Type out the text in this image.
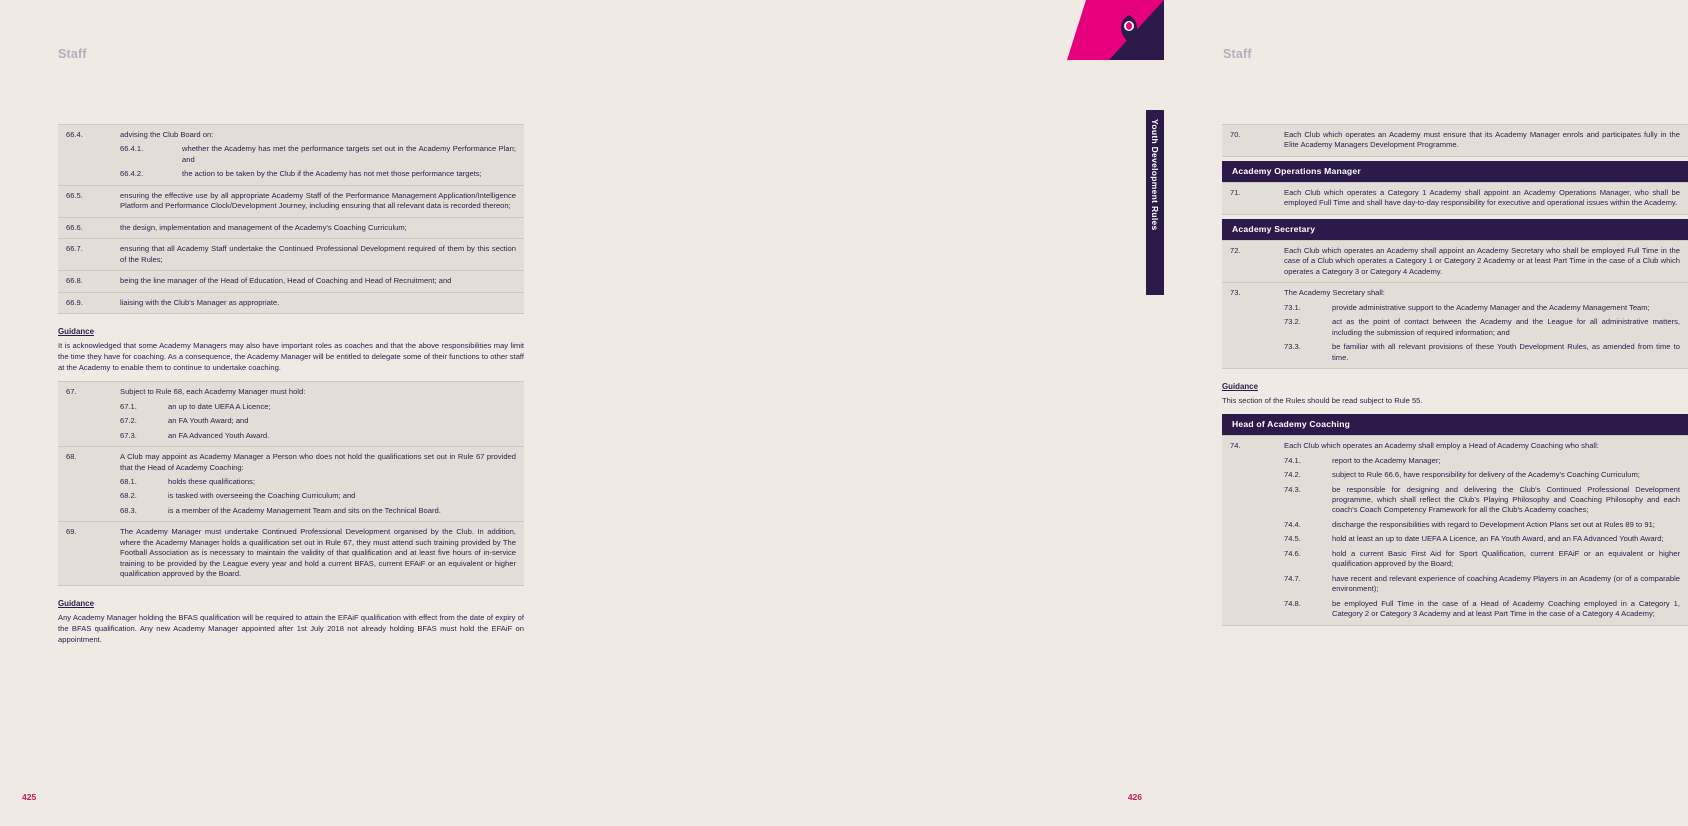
Staff
66.4.	advising the Club Board on:
66.4.1.	whether the Academy has met the performance targets set out in the Academy Performance Plan; and
66.4.2.	the action to be taken by the Club if the Academy has not met those performance targets;
66.5.	ensuring the effective use by all appropriate Academy Staff of the Performance Management Application/Intelligence Platform and Performance Clock/Development Journey, including ensuring that all relevant data is recorded thereon;
66.6.	the design, implementation and management of the Academy's Coaching Curriculum;
66.7.	ensuring that all Academy Staff undertake the Continued Professional Development required of them by this section of the Rules;
66.8.	being the line manager of the Head of Education, Head of Coaching and Head of Recruitment; and
66.9.	liaising with the Club's Manager as appropriate.
Guidance
It is acknowledged that some Academy Managers may also have important roles as coaches and that the above responsibilities may limit the time they have for coaching. As a consequence, the Academy Manager will be entitled to delegate some of their functions to other staff at the Academy to enable them to continue to undertake coaching.
67.	Subject to Rule 68, each Academy Manager must hold:
67.1.	an up to date UEFA A Licence;
67.2.	an FA Youth Award; and
67.3.	an FA Advanced Youth Award.
68.	A Club may appoint as Academy Manager a Person who does not hold the qualifications set out in Rule 67 provided that the Head of Academy Coaching:
68.1.	holds these qualifications;
68.2.	is tasked with overseeing the Coaching Curriculum; and
68.3.	is a member of the Academy Management Team and sits on the Technical Board.
69.	The Academy Manager must undertake Continued Professional Development organised by the Club. In addition, where the Academy Manager holds a qualification set out in Rule 67, they must attend such training provided by The Football Association as is necessary to maintain the validity of that qualification and at least five hours of in-service training to be provided by the League every year and hold a current BFAS, current EFAiF or an equivalent or higher qualification approved by the Board.
Guidance
Any Academy Manager holding the BFAS qualification will be required to attain the EFAiF qualification with effect from the date of expiry of the BFAS qualification. Any new Academy Manager appointed after 1st July 2018 not already holding BFAS must hold the EFAiF on appointment.
425
Staff
70.	Each Club which operates an Academy must ensure that its Academy Manager enrols and participates fully in the Elite Academy Managers Development Programme.
Academy Operations Manager
71.	Each Club which operates a Category 1 Academy shall appoint an Academy Operations Manager, who shall be employed Full Time and shall have day-to-day responsibility for executive and operational issues within the Academy.
Academy Secretary
72.	Each Club which operates an Academy shall appoint an Academy Secretary who shall be employed Full Time in the case of a Club which operates a Category 1 or Category 2 Academy or at least Part Time in the case of a Club which operates a Category 3 or Category 4 Academy.
73.	The Academy Secretary shall:
73.1.	provide administrative support to the Academy Manager and the Academy Management Team;
73.2.	act as the point of contact between the Academy and the League for all administrative matters, including the submission of required information; and
73.3.	be familiar with all relevant provisions of these Youth Development Rules, as amended from time to time.
Guidance
This section of the Rules should be read subject to Rule 55.
Head of Academy Coaching
74.	Each Club which operates an Academy shall employ a Head of Academy Coaching who shall:
74.1.	report to the Academy Manager;
74.2.	subject to Rule 66.6, have responsibility for delivery of the Academy's Coaching Curriculum;
74.3.	be responsible for designing and delivering the Club's Continued Professional Development programme, which shall reflect the Club's Playing Philosophy and Coaching Philosophy and each coach's Coach Competency Framework for all the Club's Academy coaches;
74.4.	discharge the responsibilities with regard to Development Action Plans set out at Rules 89 to 91;
74.5.	hold at least an up to date UEFA A Licence, an FA Youth Award, and an FA Advanced Youth Award;
74.6.	hold a current Basic First Aid for Sport Qualification, current EFAiF or an equivalent or higher qualification approved by the Board;
74.7.	have recent and relevant experience of coaching Academy Players in an Academy (or of a comparable environment);
74.8.	be employed Full Time in the case of a Head of Academy Coaching employed in a Category 1, Category 2 or Category 3 Academy and at least Part Time in the case of a Category 4 Academy;
426
Youth Development Rules
